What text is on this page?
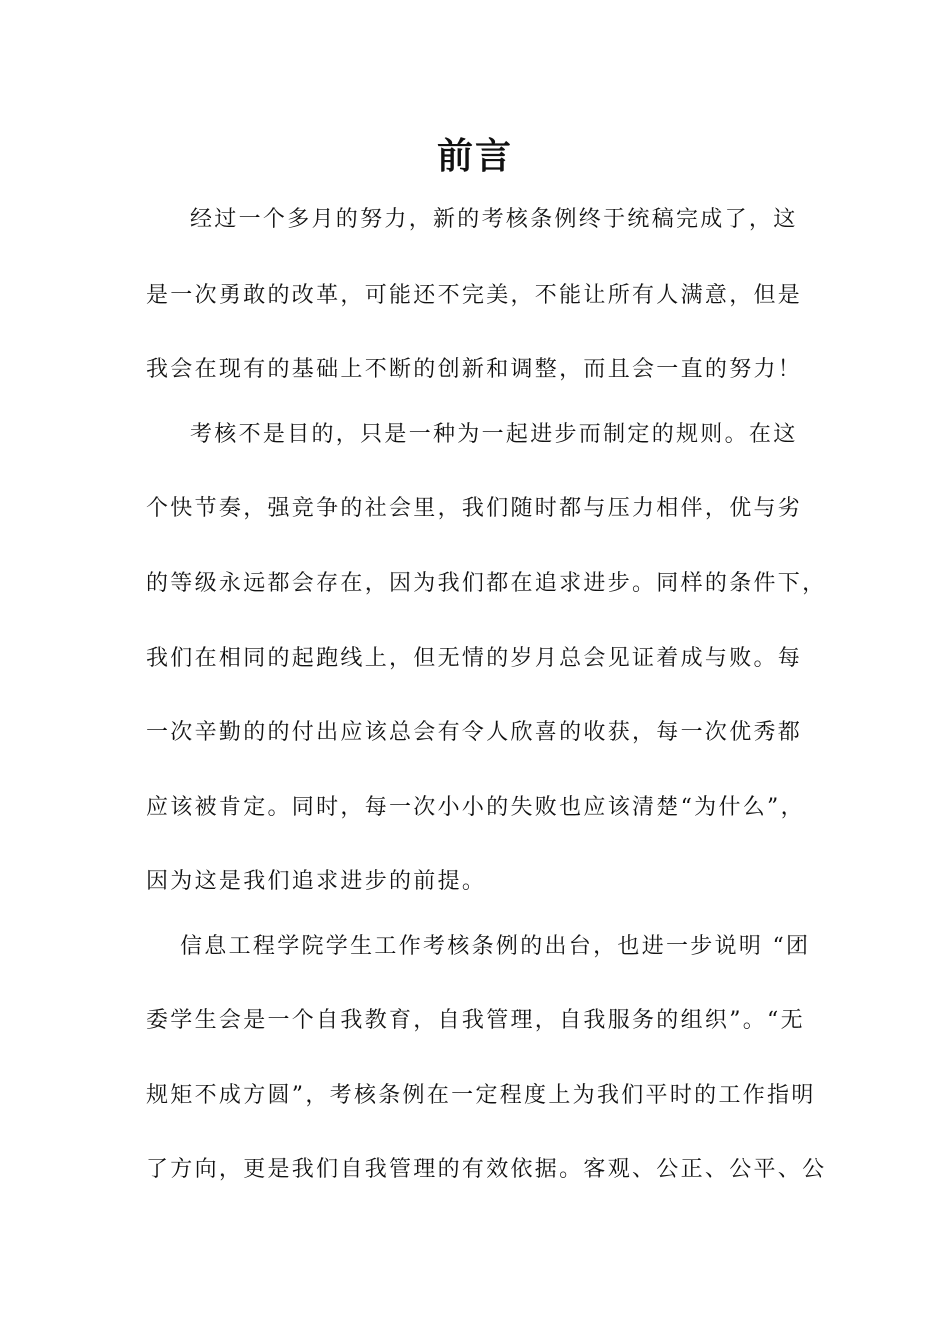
前言
经过一个多月的努力，新的考核条例终于统稿完成了，这
是一次勇敢的改革，可能还不完美，不能让所有人满意，但是
我会在现有的基础上不断的创新和调整，而且会一直的努力！
考核不是目的，只是一种为一起进步而制定的规则。在这
个快节奏，强竞争的社会里，我们随时都与压力相伴，优与劣
的等级永远都会存在，因为我们都在追求进步。同样的条件下，
我们在相同的起跑线上，但无情的岁月总会见证着成与败。每
一次辛勤的的付出应该总会有令人欣喜的收获，每一次优秀都
应该被肯定。同时，每一次小小的失败也应该清楚“为什么”，
因为这是我们追求进步的前提。
信息工程学院学生工作考核条例的出台，也进一步说明 “团
委学生会是一个自我教育，自我管理，自我服务的组织”。“无
规矩不成方圆”，考核条例在一定程度上为我们平时的工作指明
了方向，更是我们自我管理的有效依据。客观、公正、公平、公
